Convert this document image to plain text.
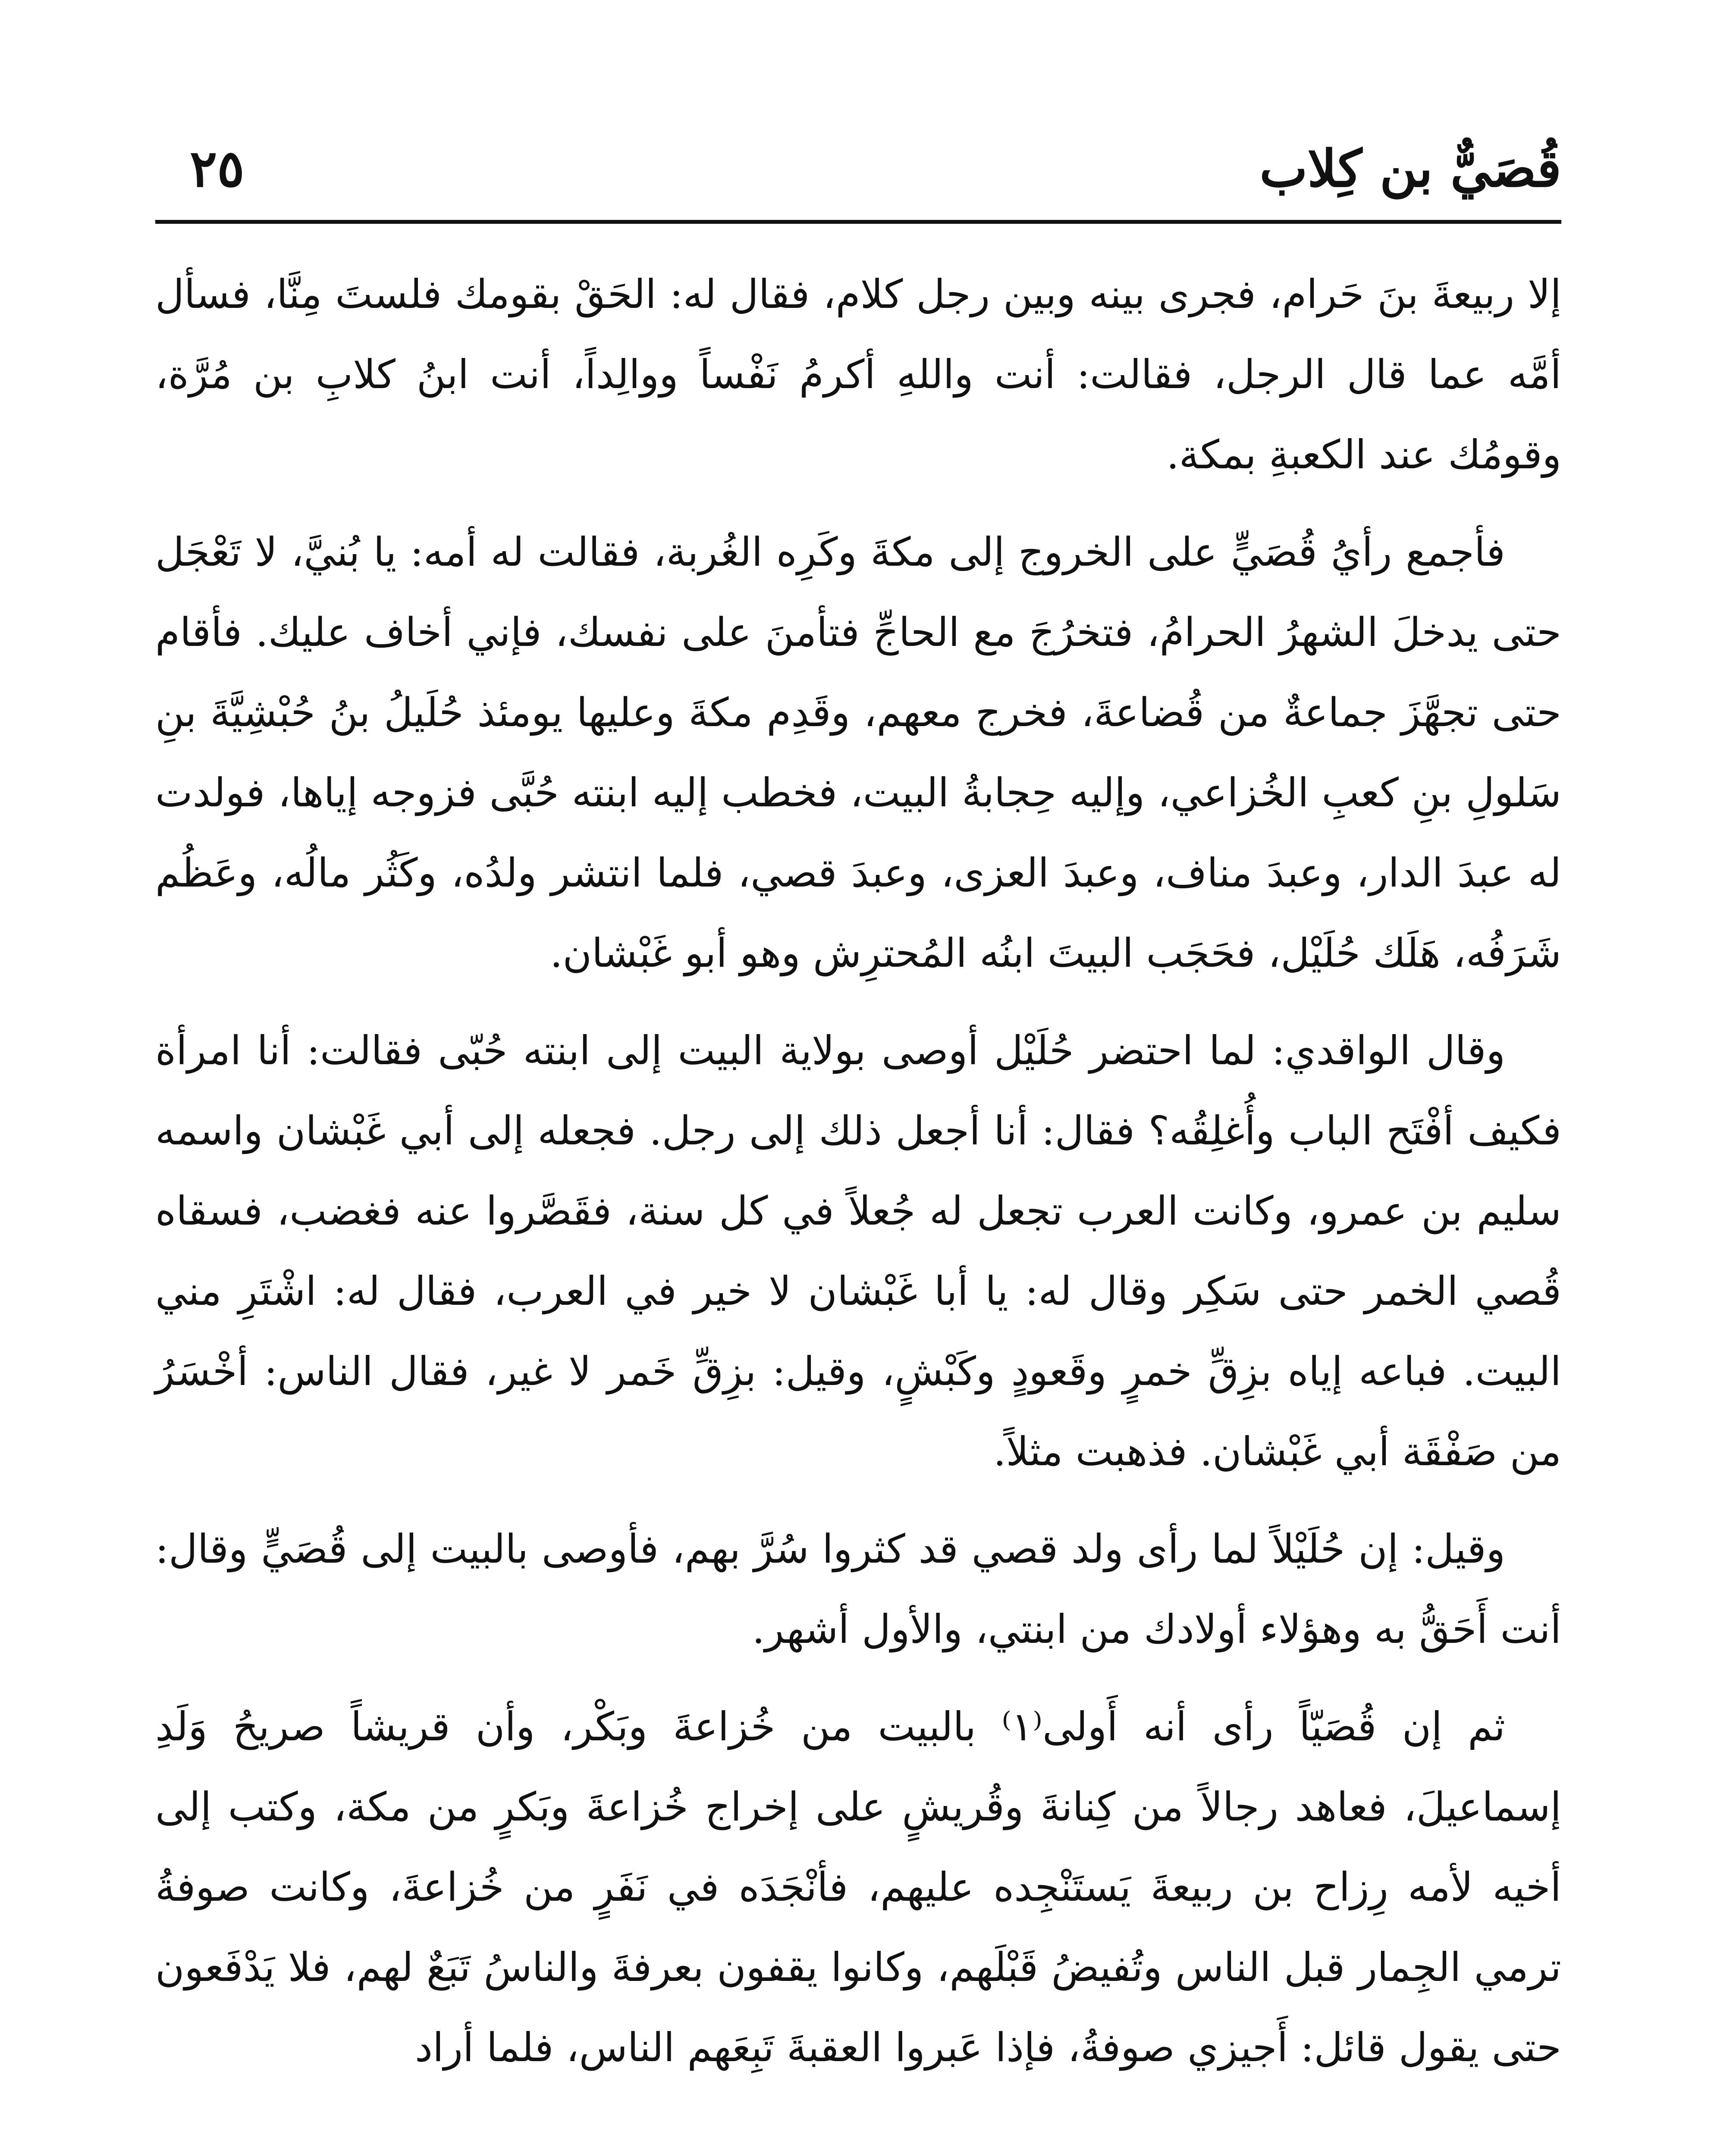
قُصَيٌّ بن كِلاب
٢٥

إلا ربيعةَ بنَ حَرام، فجرى بينه وبين رجل كلام، فقال له: الحَقْ بقومك فلستَ مِنَّا، فسأل أمَّه عما قال الرجل، فقالت: أنت واللهِ أكرمُ نَفْساً ووالِداً، أنت ابنُ كلابِ بن مُرَّة، وقومُك عند الكعبةِ بمكة.

فأجمع رأيُ قُصَيٍّ على الخروج إلى مكةَ وكَرِه الغُربة، فقالت له أمه: يا بُنيَّ، لا تَعْجَل حتى يدخلَ الشهرُ الحرامُ، فتخرُجَ مع الحاجِّ فتأمنَ على نفسك، فإني أخاف عليك. فأقام حتى تجهَّزَ جماعةٌ من قُضاعةَ، فخرج معهم، وقَدِم مكةَ وعليها يومئذ حُلَيلُ بنُ حُبْشِيَّةَ بنِ سَلولِ بنِ كعبِ الخُزاعي، وإليه حِجابةُ البيت، فخطب إليه ابنته حُبَّى فزوجه إياها، فولدت له عبدَ الدار، وعبدَ مناف، وعبدَ العزى، وعبدَ قصي، فلما انتشر ولدُه، وكَثُر مالُه، وعَظُم شَرَفُه، هَلَك حُلَيْل، فحَجَب البيتَ ابنُه المُحترِش وهو أبو غَبْشان.

وقال الواقدي: لما احتضر حُلَيْل أوصى بولاية البيت إلى ابنته حُبّى فقالت: أنا امرأة فكيف أفْتَح الباب وأُغلِقُه؟ فقال: أنا أجعل ذلك إلى رجل. فجعله إلى أبي غَبْشان واسمه سليم بن عمرو، وكانت العرب تجعل له جُعلاً في كل سنة، فقَصَّروا عنه فغضب، فسقاه قُصي الخمر حتى سَكِر وقال له: يا أبا غَبْشان لا خير في العرب، فقال له: اشْتَرِ مني البيت. فباعه إياه بزِقِّ خمرٍ وقَعودٍ وكَبْشٍ، وقيل: بزِقِّ خَمر لا غير، فقال الناس: أخْسَرُ من صَفْقَة أبي غَبْشان. فذهبت مثلاً.

وقيل: إن حُلَيْلاً لما رأى ولد قصي قد كثروا سُرَّ بهم، فأوصى بالبيت إلى قُصَيٍّ وقال: أنت أَحَقُّ به وهؤلاء أولادك من ابنتي، والأول أشهر.

ثم إن قُصَيّاً رأى أنه أَولى⁽١⁾ بالبيت من خُزاعةَ وبَكْر، وأن قريشاً صريحُ وَلَدِ إسماعيلَ، فعاهد رجالاً من كِنانةَ وقُريشٍ على إخراج خُزاعةَ وبَكرٍ من مكة، وكتب إلى أخيه لأمه رِزاح بن ربيعةَ يَستَنْجِده عليهم، فأنْجَدَه في نَفَرٍ من خُزاعةَ، وكانت صوفةُ ترمي الجِمار قبل الناس وتُفيضُ قَبْلَهم، وكانوا يقفون بعرفةَ والناسُ تَبَعٌ لهم، فلا يَدْفَعون حتى يقول قائل: أَجيزي صوفةُ، فإذا عَبروا العقبةَ تَبِعَهم الناس، فلما أراد
